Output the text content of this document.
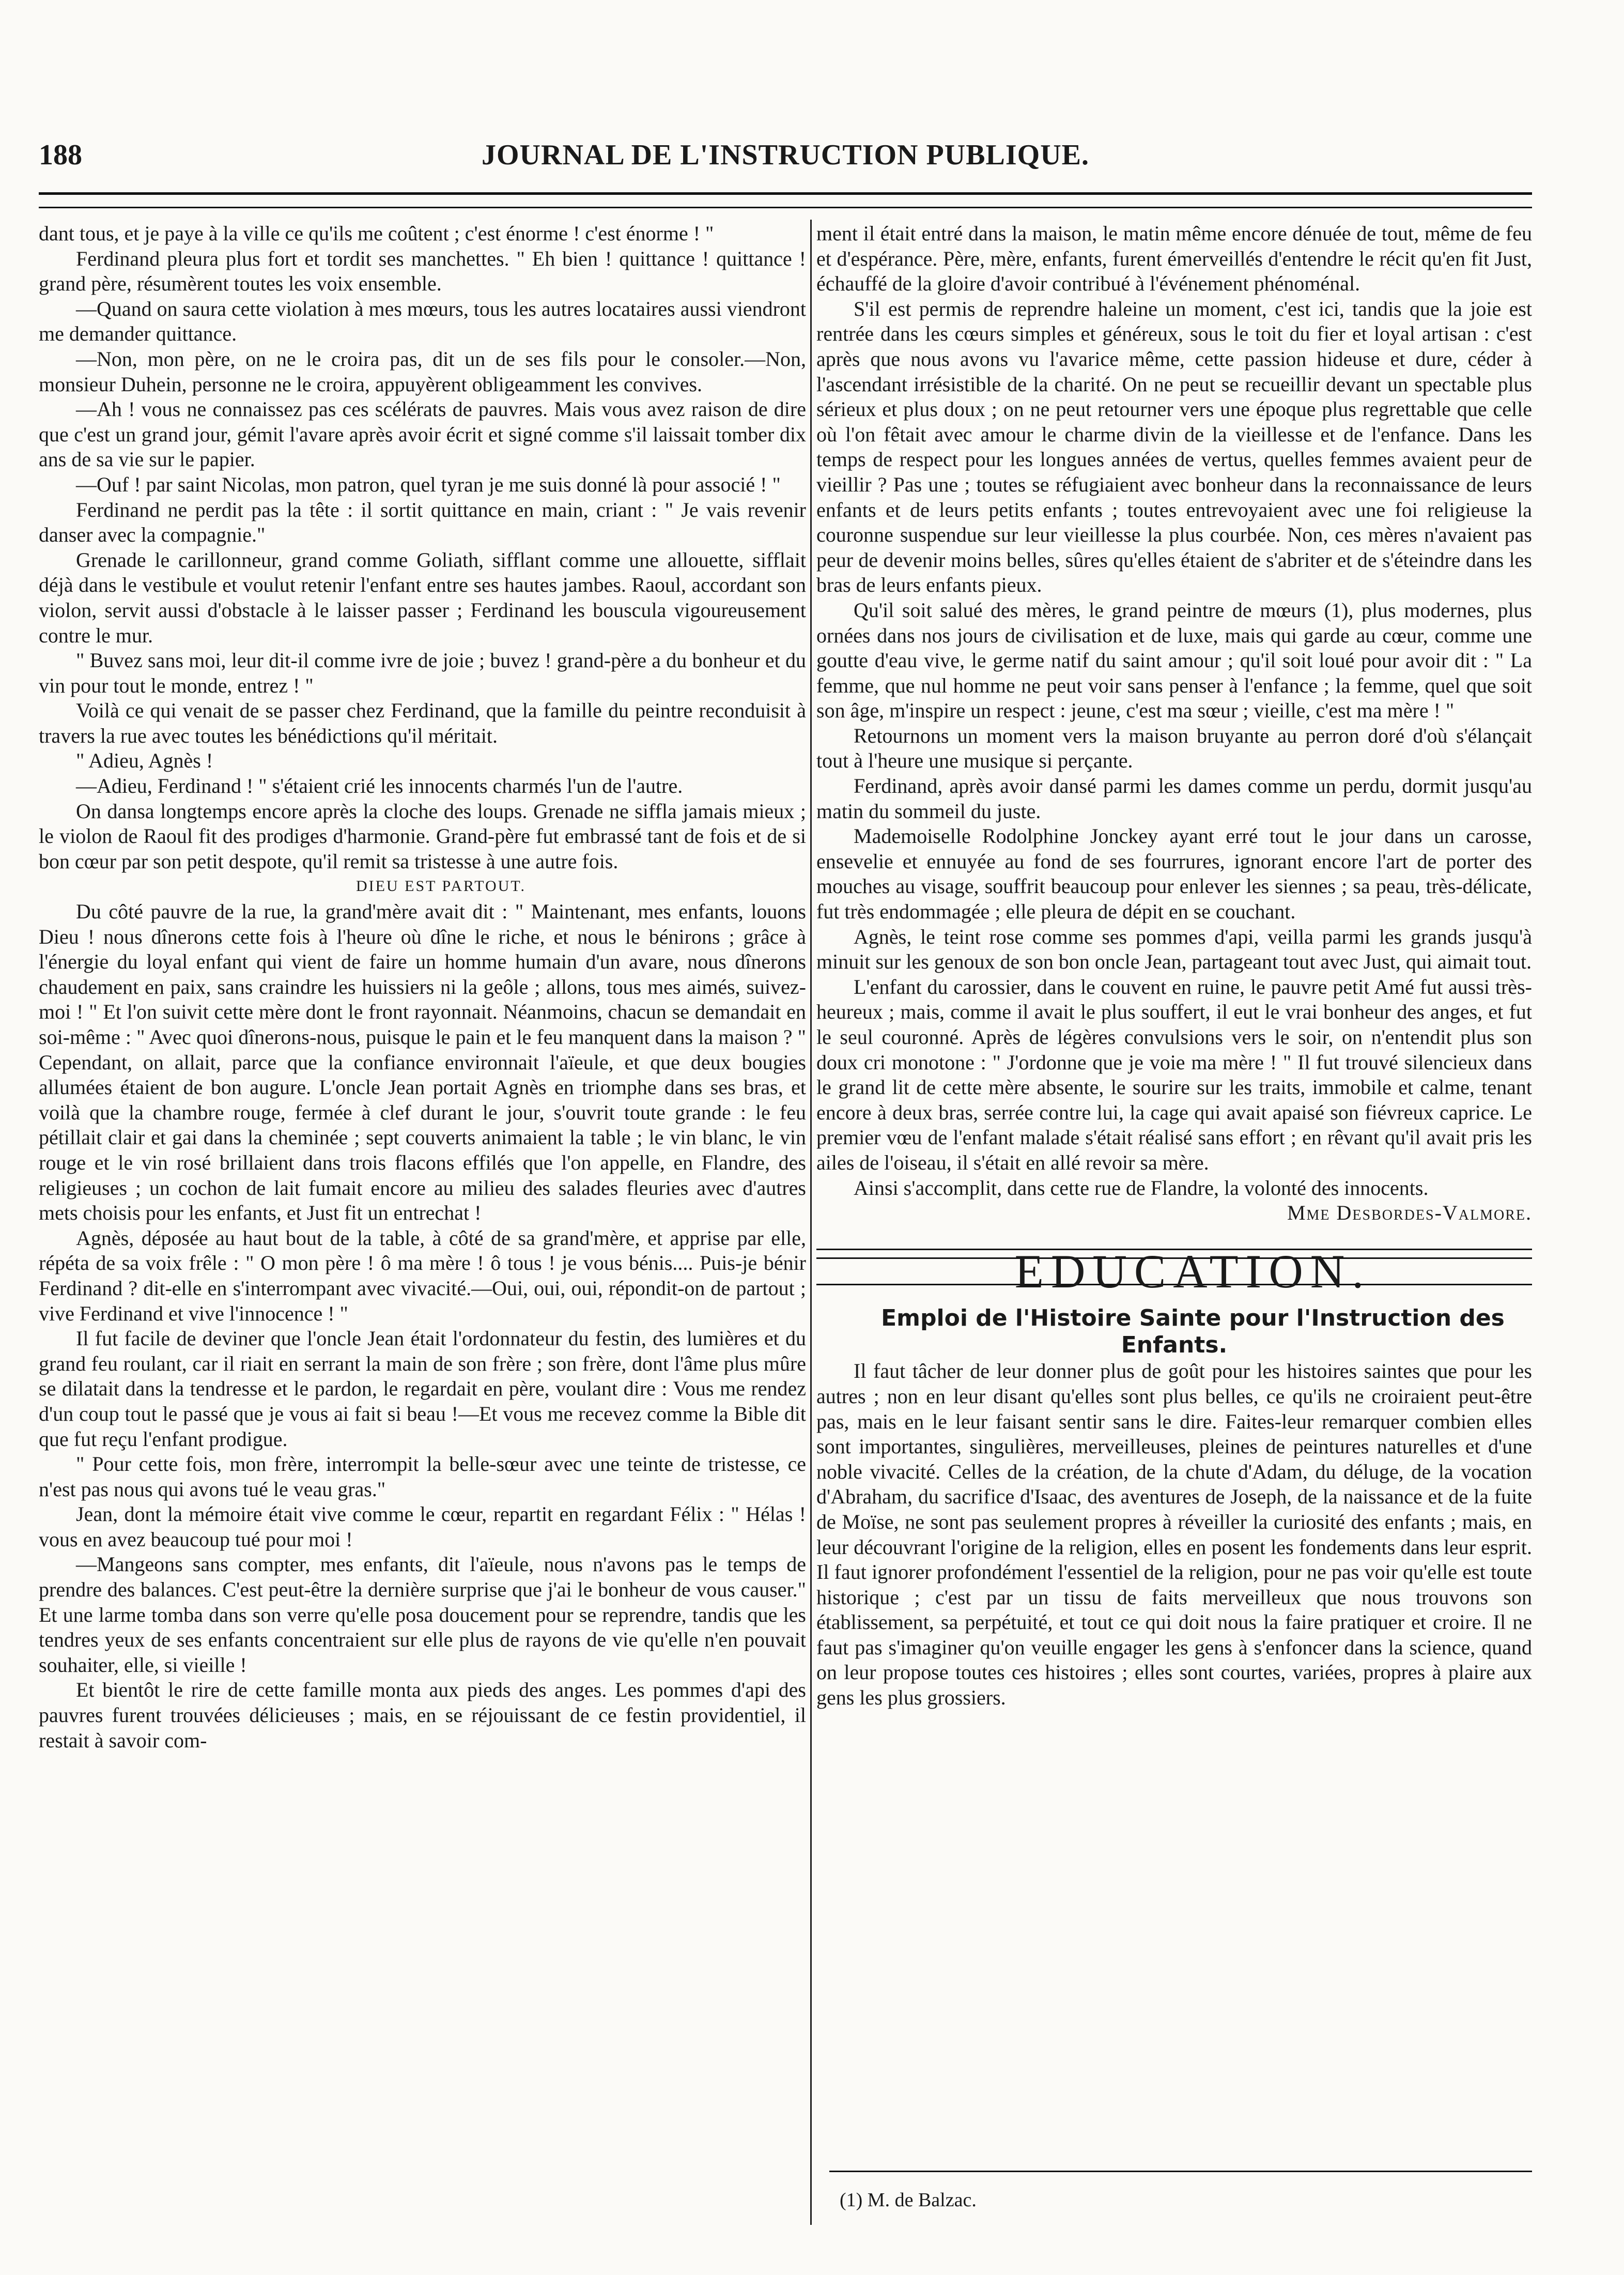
JOURNAL DE L'INSTRUCTION PUBLIQUE.
188

dant tous, et je paye à la ville ce qu'ils me coûtent ; c'est énorme ! c'est énorme ! "

Ferdinand pleura plus fort et tordit ses manchettes. " Eh bien ! quittance ! quittance ! grand père, résumèrent toutes les voix ensemble.

—Quand on saura cette violation à mes mœurs, tous les autres locataires aussi viendront me demander quittance.

—Non, mon père, on ne le croira pas, dit un de ses fils pour le consoler.—Non, monsieur Duhein, personne ne le croira, appuyèrent obligeamment les convives.

—Ah ! vous ne connaissez pas ces scélérats de pauvres. Mais vous avez raison de dire que c'est un grand jour, gémit l'avare après avoir écrit et signé comme s'il laissait tomber dix ans de sa vie sur le papier.

—Ouf ! par saint Nicolas, mon patron, quel tyran je me suis donné là pour associé ! "

Ferdinand ne perdit pas la tête : il sortit quittance en main, criant : " Je vais revenir danser avec la compagnie."

Grenade le carillonneur, grand comme Goliath, sifflant comme une allouette, sifflait déjà dans le vestibule et voulut retenir l'enfant entre ses hautes jambes. Raoul, accordant son violon, servit aussi d'obstacle à le laisser passer ; Ferdinand les bouscula vigoureusement contre le mur.

" Buvez sans moi, leur dit-il comme ivre de joie ; buvez ! grand-père a du bonheur et du vin pour tout le monde, entrez ! "

Voilà ce qui venait de se passer chez Ferdinand, que la famille du peintre reconduisit à travers la rue avec toutes les bénédictions qu'il méritait.

" Adieu, Agnès !

—Adieu, Ferdinand ! " s'étaient crié les innocents charmés l'un de l'autre.

On dansa longtemps encore après la cloche des loups. Grenade ne siffla jamais mieux ; le violon de Raoul fit des prodiges d'harmonie. Grand-père fut embrassé tant de fois et de si bon cœur par son petit despote, qu'il remit sa tristesse à une autre fois.

DIEU EST PARTOUT.

Du côté pauvre de la rue, la grand'mère avait dit : " Maintenant, mes enfants, louons Dieu ! nous dînerons cette fois à l'heure où dîne le riche, et nous le bénirons ; grâce à l'énergie du loyal enfant qui vient de faire un homme humain d'un avare, nous dînerons chaudement en paix, sans craindre les huissiers ni la geôle ; allons, tous mes aimés, suivez-moi ! " Et l'on suivit cette mère dont le front rayonnait. Néanmoins, chacun se demandait en soi-même : " Avec quoi dînerons-nous, puisque le pain et le feu manquent dans la maison ? " Cependant, on allait, parce que la confiance environnait l'aïeule, et que deux bougies allumées étaient de bon augure. L'oncle Jean portait Agnès en triomphe dans ses bras, et voilà que la chambre rouge, fermée à clef durant le jour, s'ouvrit toute grande : le feu pétillait clair et gai dans la cheminée ; sept couverts animaient la table ; le vin blanc, le vin rouge et le vin rosé brillaient dans trois flacons effilés que l'on appelle, en Flandre, des religieuses ; un cochon de lait fumait encore au milieu des salades fleuries avec d'autres mets choisis pour les enfants, et Just fit un entrechat !

Agnès, déposée au haut bout de la table, à côté de sa grand'mère, et apprise par elle, répéta de sa voix frêle : " O mon père ! ô ma mère ! ô tous ! je vous bénis.... Puis-je bénir Ferdinand ? dit-elle en s'interrompant avec vivacité.—Oui, oui, oui, répondit-on de partout ; vive Ferdinand et vive l'innocence ! "

Il fut facile de deviner que l'oncle Jean était l'ordonnateur du festin, des lumières et du grand feu roulant, car il riait en serrant la main de son frère ; son frère, dont l'âme plus mûre se dilatait dans la tendresse et le pardon, le regardait en père, voulant dire : Vous me rendez d'un coup tout le passé que je vous ai fait si beau !—Et vous me recevez comme la Bible dit que fut reçu l'enfant prodigue.

" Pour cette fois, mon frère, interrompit la belle-sœur avec une teinte de tristesse, ce n'est pas nous qui avons tué le veau gras."

Jean, dont la mémoire était vive comme le cœur, repartit en regardant Félix : " Hélas ! vous en avez beaucoup tué pour moi !

—Mangeons sans compter, mes enfants, dit l'aïeule, nous n'avons pas le temps de prendre des balances. C'est peut-être la dernière surprise que j'ai le bonheur de vous causer." Et une larme tomba dans son verre qu'elle posa doucement pour se reprendre, tandis que les tendres yeux de ses enfants concentraient sur elle plus de rayons de vie qu'elle n'en pouvait souhaiter, elle, si vieille !

Et bientôt le rire de cette famille monta aux pieds des anges. Les pommes d'api des pauvres furent trouvées délicieuses ; mais, en se réjouissant de ce festin providentiel, il restait à savoir com-

ment il était entré dans la maison, le matin même encore dénuée de tout, même de feu et d'espérance. Père, mère, enfants, furent émerveillés d'entendre le récit qu'en fit Just, échauffé de la gloire d'avoir contribué à l'événement phénoménal.

S'il est permis de reprendre haleine un moment, c'est ici, tandis que la joie est rentrée dans les cœurs simples et généreux, sous le toit du fier et loyal artisan : c'est après que nous avons vu l'avarice même, cette passion hideuse et dure, céder à l'ascendant irrésistible de la charité. On ne peut se recueillir devant un spectable plus sérieux et plus doux ; on ne peut retourner vers une époque plus regrettable que celle où l'on fêtait avec amour le charme divin de la vieillesse et de l'enfance. Dans les temps de respect pour les longues années de vertus, quelles femmes avaient peur de vieillir ? Pas une ; toutes se réfugiaient avec bonheur dans la reconnaissance de leurs enfants et de leurs petits enfants ; toutes entrevoyaient avec une foi religieuse la couronne suspendue sur leur vieillesse la plus courbée. Non, ces mères n'avaient pas peur de devenir moins belles, sûres qu'elles étaient de s'abriter et de s'éteindre dans les bras de leurs enfants pieux.

Qu'il soit salué des mères, le grand peintre de mœurs (1), plus modernes, plus ornées dans nos jours de civilisation et de luxe, mais qui garde au cœur, comme une goutte d'eau vive, le germe natif du saint amour ; qu'il soit loué pour avoir dit : " La femme, que nul homme ne peut voir sans penser à l'enfance ; la femme, quel que soit son âge, m'inspire un respect : jeune, c'est ma sœur ; vieille, c'est ma mère ! "

Retournons un moment vers la maison bruyante au perron doré d'où s'élançait tout à l'heure une musique si perçante.

Ferdinand, après avoir dansé parmi les dames comme un perdu, dormit jusqu'au matin du sommeil du juste.

Mademoiselle Rodolphine Jonckey ayant erré tout le jour dans un carosse, ensevelie et ennuyée au fond de ses fourrures, ignorant encore l'art de porter des mouches au visage, souffrit beaucoup pour enlever les siennes ; sa peau, très-délicate, fut très endommagée ; elle pleura de dépit en se couchant.

Agnès, le teint rose comme ses pommes d'api, veilla parmi les grands jusqu'à minuit sur les genoux de son bon oncle Jean, partageant tout avec Just, qui aimait tout.

L'enfant du carossier, dans le couvent en ruine, le pauvre petit Amé fut aussi très-heureux ; mais, comme il avait le plus souffert, il eut le vrai bonheur des anges, et fut le seul couronné. Après de légères convulsions vers le soir, on n'entendit plus son doux cri monotone : " J'ordonne que je voie ma mère ! " Il fut trouvé silencieux dans le grand lit de cette mère absente, le sourire sur les traits, immobile et calme, tenant encore à deux bras, serrée contre lui, la cage qui avait apaisé son fiévreux caprice. Le premier vœu de l'enfant malade s'était réalisé sans effort ; en rêvant qu'il avait pris les ailes de l'oiseau, il s'était en allé revoir sa mère.

Ainsi s'accomplit, dans cette rue de Flandre, la volonté des innocents.

Mme Desbordes-Valmore.

EDUCATION.

Emploi de l'Histoire Sainte pour l'Instruction des Enfants.

Il faut tâcher de leur donner plus de goût pour les histoires saintes que pour les autres ; non en leur disant qu'elles sont plus belles, ce qu'ils ne croiraient peut-être pas, mais en le leur faisant sentir sans le dire. Faites-leur remarquer combien elles sont importantes, singulières, merveilleuses, pleines de peintures naturelles et d'une noble vivacité. Celles de la création, de la chute d'Adam, du déluge, de la vocation d'Abraham, du sacrifice d'Isaac, des aventures de Joseph, de la naissance et de la fuite de Moïse, ne sont pas seulement propres à réveiller la curiosité des enfants ; mais, en leur découvrant l'origine de la religion, elles en posent les fondements dans leur esprit. Il faut ignorer profondément l'essentiel de la religion, pour ne pas voir qu'elle est toute historique ; c'est par un tissu de faits merveilleux que nous trouvons son établissement, sa perpétuité, et tout ce qui doit nous la faire pratiquer et croire. Il ne faut pas s'imaginer qu'on veuille engager les gens à s'enfoncer dans la science, quand on leur propose toutes ces histoires ; elles sont courtes, variées, propres à plaire aux gens les plus grossiers.

(1) M. de Balzac.
